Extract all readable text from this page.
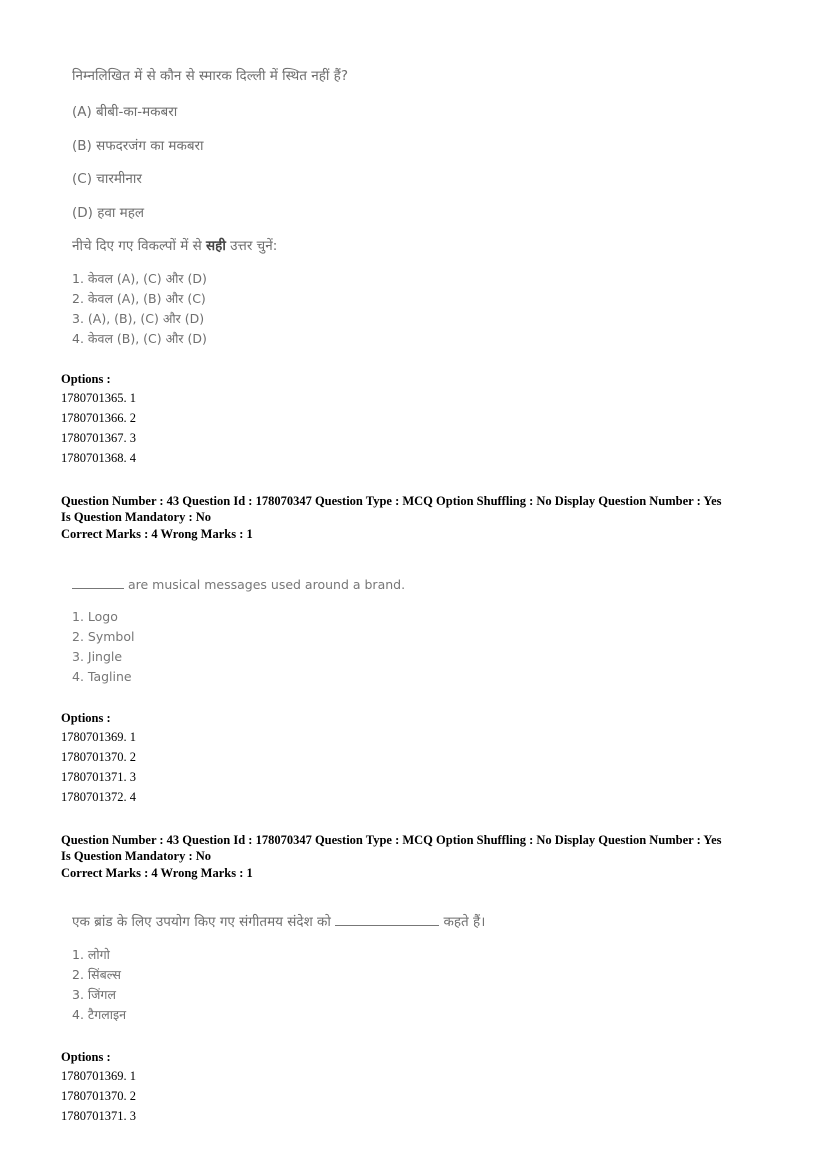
निम्नलिखित में से कौन से स्मारक दिल्ली में स्थित नहीं हैं?
(A) बीबी-का-मकबरा
(B) सफदरजंग का मकबरा
(C) चारमीनार
(D) हवा महल
नीचे दिए गए विकल्पों में से सही उत्तर चुनें:
1. केवल (A), (C) और (D)
2. केवल (A), (B) और (C)
3. (A), (B), (C) और (D)
4. केवल (B), (C) और (D)
Options :
1780701365. 1
1780701366. 2
1780701367. 3
1780701368. 4
Question Number : 43 Question Id : 178070347 Question Type : MCQ Option Shuffling : No Display Question Number : Yes
Is Question Mandatory : No
Correct Marks : 4 Wrong Marks : 1
are musical messages used around a brand.
1. Logo
2. Symbol
3. Jingle
4. Tagline
Options :
1780701369. 1
1780701370. 2
1780701371. 3
1780701372. 4
Question Number : 43 Question Id : 178070347 Question Type : MCQ Option Shuffling : No Display Question Number : Yes
Is Question Mandatory : No
Correct Marks : 4 Wrong Marks : 1
एक ब्रांड के लिए उपयोग किए गए संगीतमय संदेश को	कहते हैं।
1. लोगो
2. सिंबल्स
3. जिंगल
4. टैगलाइन
Options :
1780701369. 1
1780701370. 2
1780701371. 3
